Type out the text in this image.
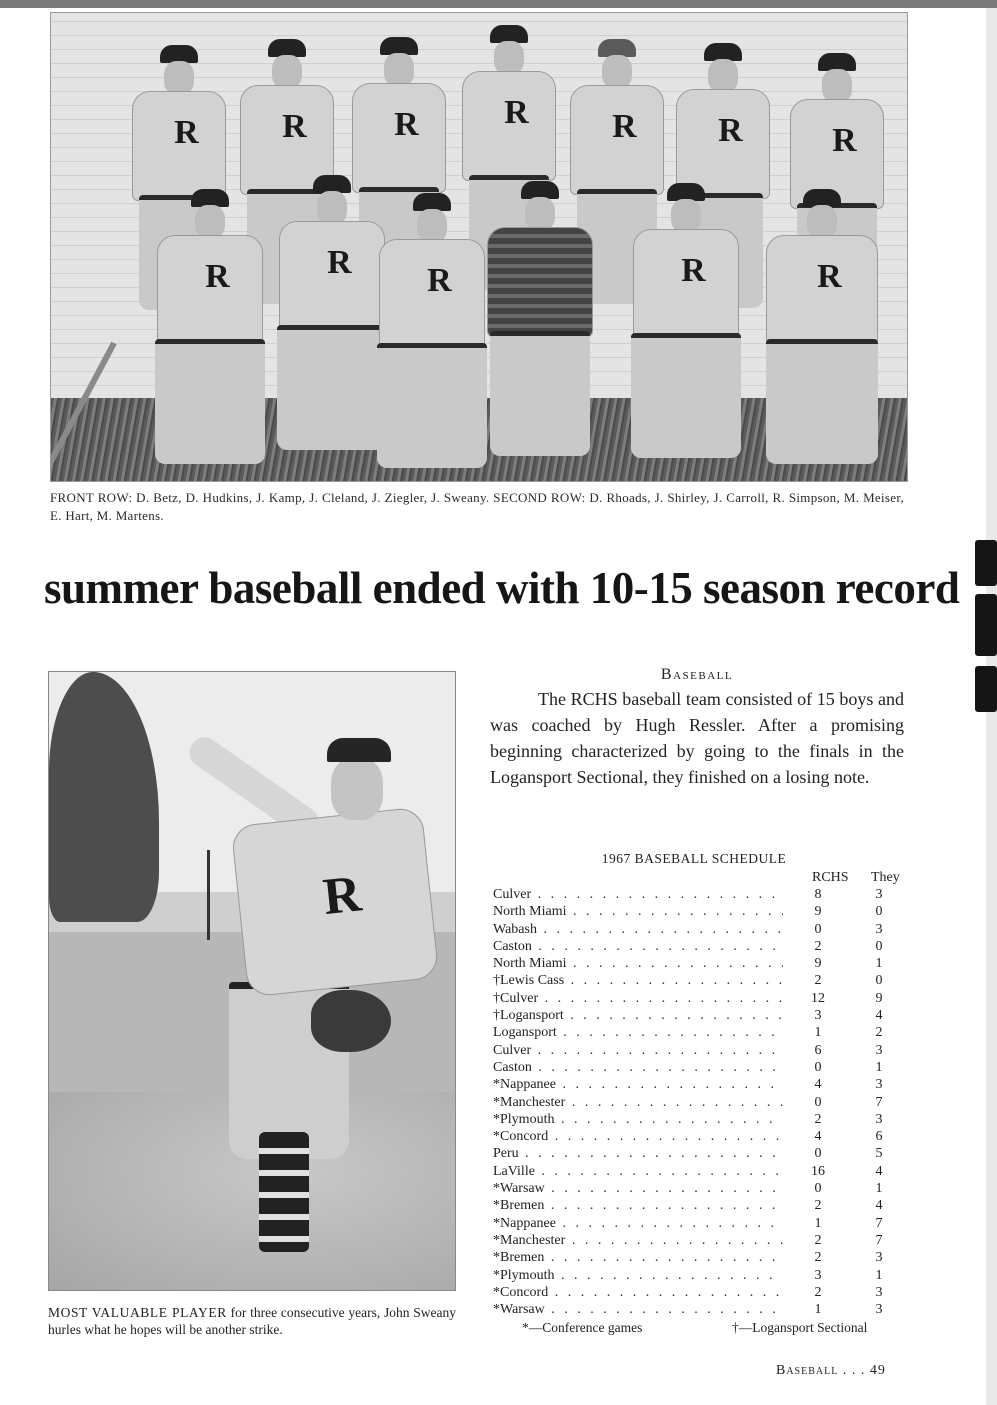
R R	R	R R R	R
R	R R	R	R
FRONT ROW: D. Betz, D. Hudkins, J. Kamp, J. Cleland, J. Ziegler, J. Sweany. SECOND ROW: D. Rhoads, J. Shirley, J. Carroll, R. Simpson, M. Meiser, E. Hart, M. Martens.
summer baseball ended with 10-15 season record
R
MOST VALUABLE PLAYER for three consecutive years, John Sweany hurles what he hopes will be another strike.
Baseball

The RCHS baseball team consisted of 15 boys and was coached by Hugh Ressler. After a promising beginning characterized by going to the finals in the Logansport Sectional, they finished on a losing note.

1967 BASEBALL SCHEDULE
RCHS They
Culver . .	8	3
North Miami . .	9	0
Wabash . .	0	3
Caston . .	2	0
North Miami . .	9	1
†Lewis Cass . .	2	0
†Culver . .	12	9
†Logansport . .	3	4
Logansport . .	1	2
Culver . .	6	3
Caston . .	0	1
*Nappanee . .	4	3
*Manchester . .	0	7
*Plymouth . .	2	3
*Concord . .	4	6
Peru . .	0	5
LaVille . .	16	4
*Warsaw . .	0	1
*Bremen . .	2	4
*Nappanee . .	1	7
*Manchester . .	2	7
*Bremen . .	2	3
*Plymouth . .	3	1
*Concord . .	2	3
*Warsaw . .	1	3
*—Conference games	†—Logansport Sectional
Baseball . . . 49
